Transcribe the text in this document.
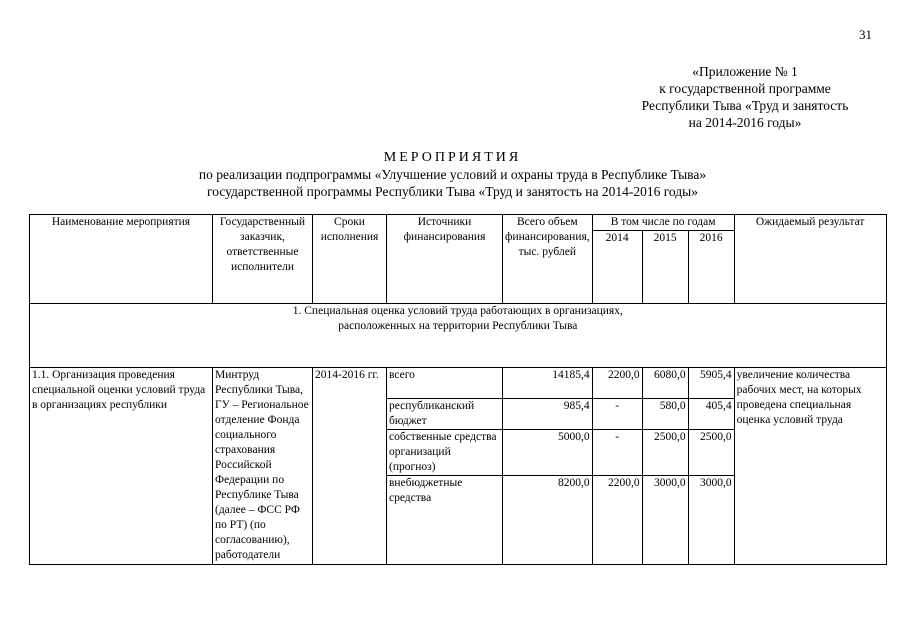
31
«Приложение № 1
к государственной программе
Республики Тыва «Труд и занятость
на 2014-2016 годы»
МЕРОПРИЯТИЯ
по реализации подпрограммы «Улучшение условий и охраны труда в Республике Тыва»
государственной программы Республики Тыва «Труд и занятость на 2014-2016 годы»
Наименование мероприятия	Государственный заказчик, ответственные исполнители	Сроки исполнения	Источники финансирования	Всего объем финансирования, тыс. рублей	В том числе по годам			Ожидаемый результат
					2014	2015	2016	

1. Специальная оценка условий труда работающих в организациях,
расположенных на территории Республики Тыва								

1.1. Организация проведения специальной оценки условий труда в организациях республики	Минтруд Республики Тыва, ГУ – Региональное отделение Фонда социального страхования Российской Федерации по Республике Тыва (далее – ФСС РФ по РТ) (по согласованию), работодатели	2014-2016 гг.	всего	14185,4	2200,0	6080,0	5905,4	увеличение количества рабочих мест, на которых проведена специальная оценка условий труда
			республиканский бюджет	985,4	-	580,0	405,4	
			собственные средства организаций (прогноз)	5000,0	-	2500,0	2500,0	
			внебюджетные средства	8200,0	2200,0	3000,0	3000,0	
